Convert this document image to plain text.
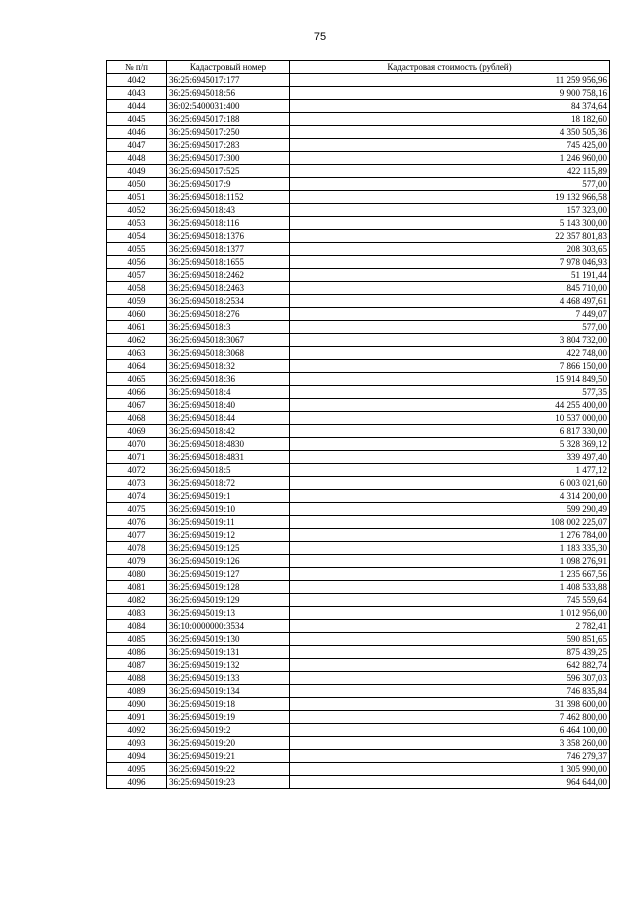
75
№ п/п	Кадастровый номер	Кадастровая стоимость (рублей)
4042	36:25:6945017:177	11 259 956,96
4043	36:25:6945018:56	9 900 758,16
4044	36:02:5400031:400	84 374,64
4045	36:25:6945017:188	18 182,60
4046	36:25:6945017:250	4 350 505,36
4047	36:25:6945017:283	745 425,00
4048	36:25:6945017:300	1 246 960,00
4049	36:25:6945017:525	422 115,89
4050	36:25:6945017:9	577,00
4051	36:25:6945018:1152	19 132 966,58
4052	36:25:6945018:43	157 323,00
4053	36:25:6945018:116	5 143 300,00
4054	36:25:6945018:1376	22 357 801,83
4055	36:25:6945018:1377	208 303,65
4056	36:25:6945018:1655	7 978 046,93
4057	36:25:6945018:2462	51 191,44
4058	36:25:6945018:2463	845 710,00
4059	36:25:6945018:2534	4 468 497,61
4060	36:25:6945018:276	7 449,07
4061	36:25:6945018:3	577,00
4062	36:25:6945018:3067	3 804 732,00
4063	36:25:6945018:3068	422 748,00
4064	36:25:6945018:32	7 866 150,00
4065	36:25:6945018:36	15 914 849,50
4066	36:25:6945018:4	577,35
4067	36:25:6945018:40	44 255 400,00
4068	36:25:6945018:44	10 537 000,00
4069	36:25:6945018:42	6 817 330,00
4070	36:25:6945018:4830	5 328 369,12
4071	36:25:6945018:4831	339 497,40
4072	36:25:6945018:5	1 477,12
4073	36:25:6945018:72	6 003 021,60
4074	36:25:6945019:1	4 314 200,00
4075	36:25:6945019:10	599 290,49
4076	36:25:6945019:11	108 002 225,07
4077	36:25:6945019:12	1 276 784,00
4078	36:25:6945019:125	1 183 335,30
4079	36:25:6945019:126	1 098 276,91
4080	36:25:6945019:127	1 235 667,56
4081	36:25:6945019:128	1 408 533,88
4082	36:25:6945019:129	745 559,64
4083	36:25:6945019:13	1 012 956,00
4084	36:10:0000000:3534	2 782,41
4085	36:25:6945019:130	590 851,65
4086	36:25:6945019:131	875 439,25
4087	36:25:6945019:132	642 882,74
4088	36:25:6945019:133	596 307,03
4089	36:25:6945019:134	746 835,84
4090	36:25:6945019:18	31 398 600,00
4091	36:25:6945019:19	7 462 800,00
4092	36:25:6945019:2	6 464 100,00
4093	36:25:6945019:20	3 358 260,00
4094	36:25:6945019:21	746 279,37
4095	36:25:6945019:22	1 305 990,00
4096	36:25:6945019:23	964 644,00
